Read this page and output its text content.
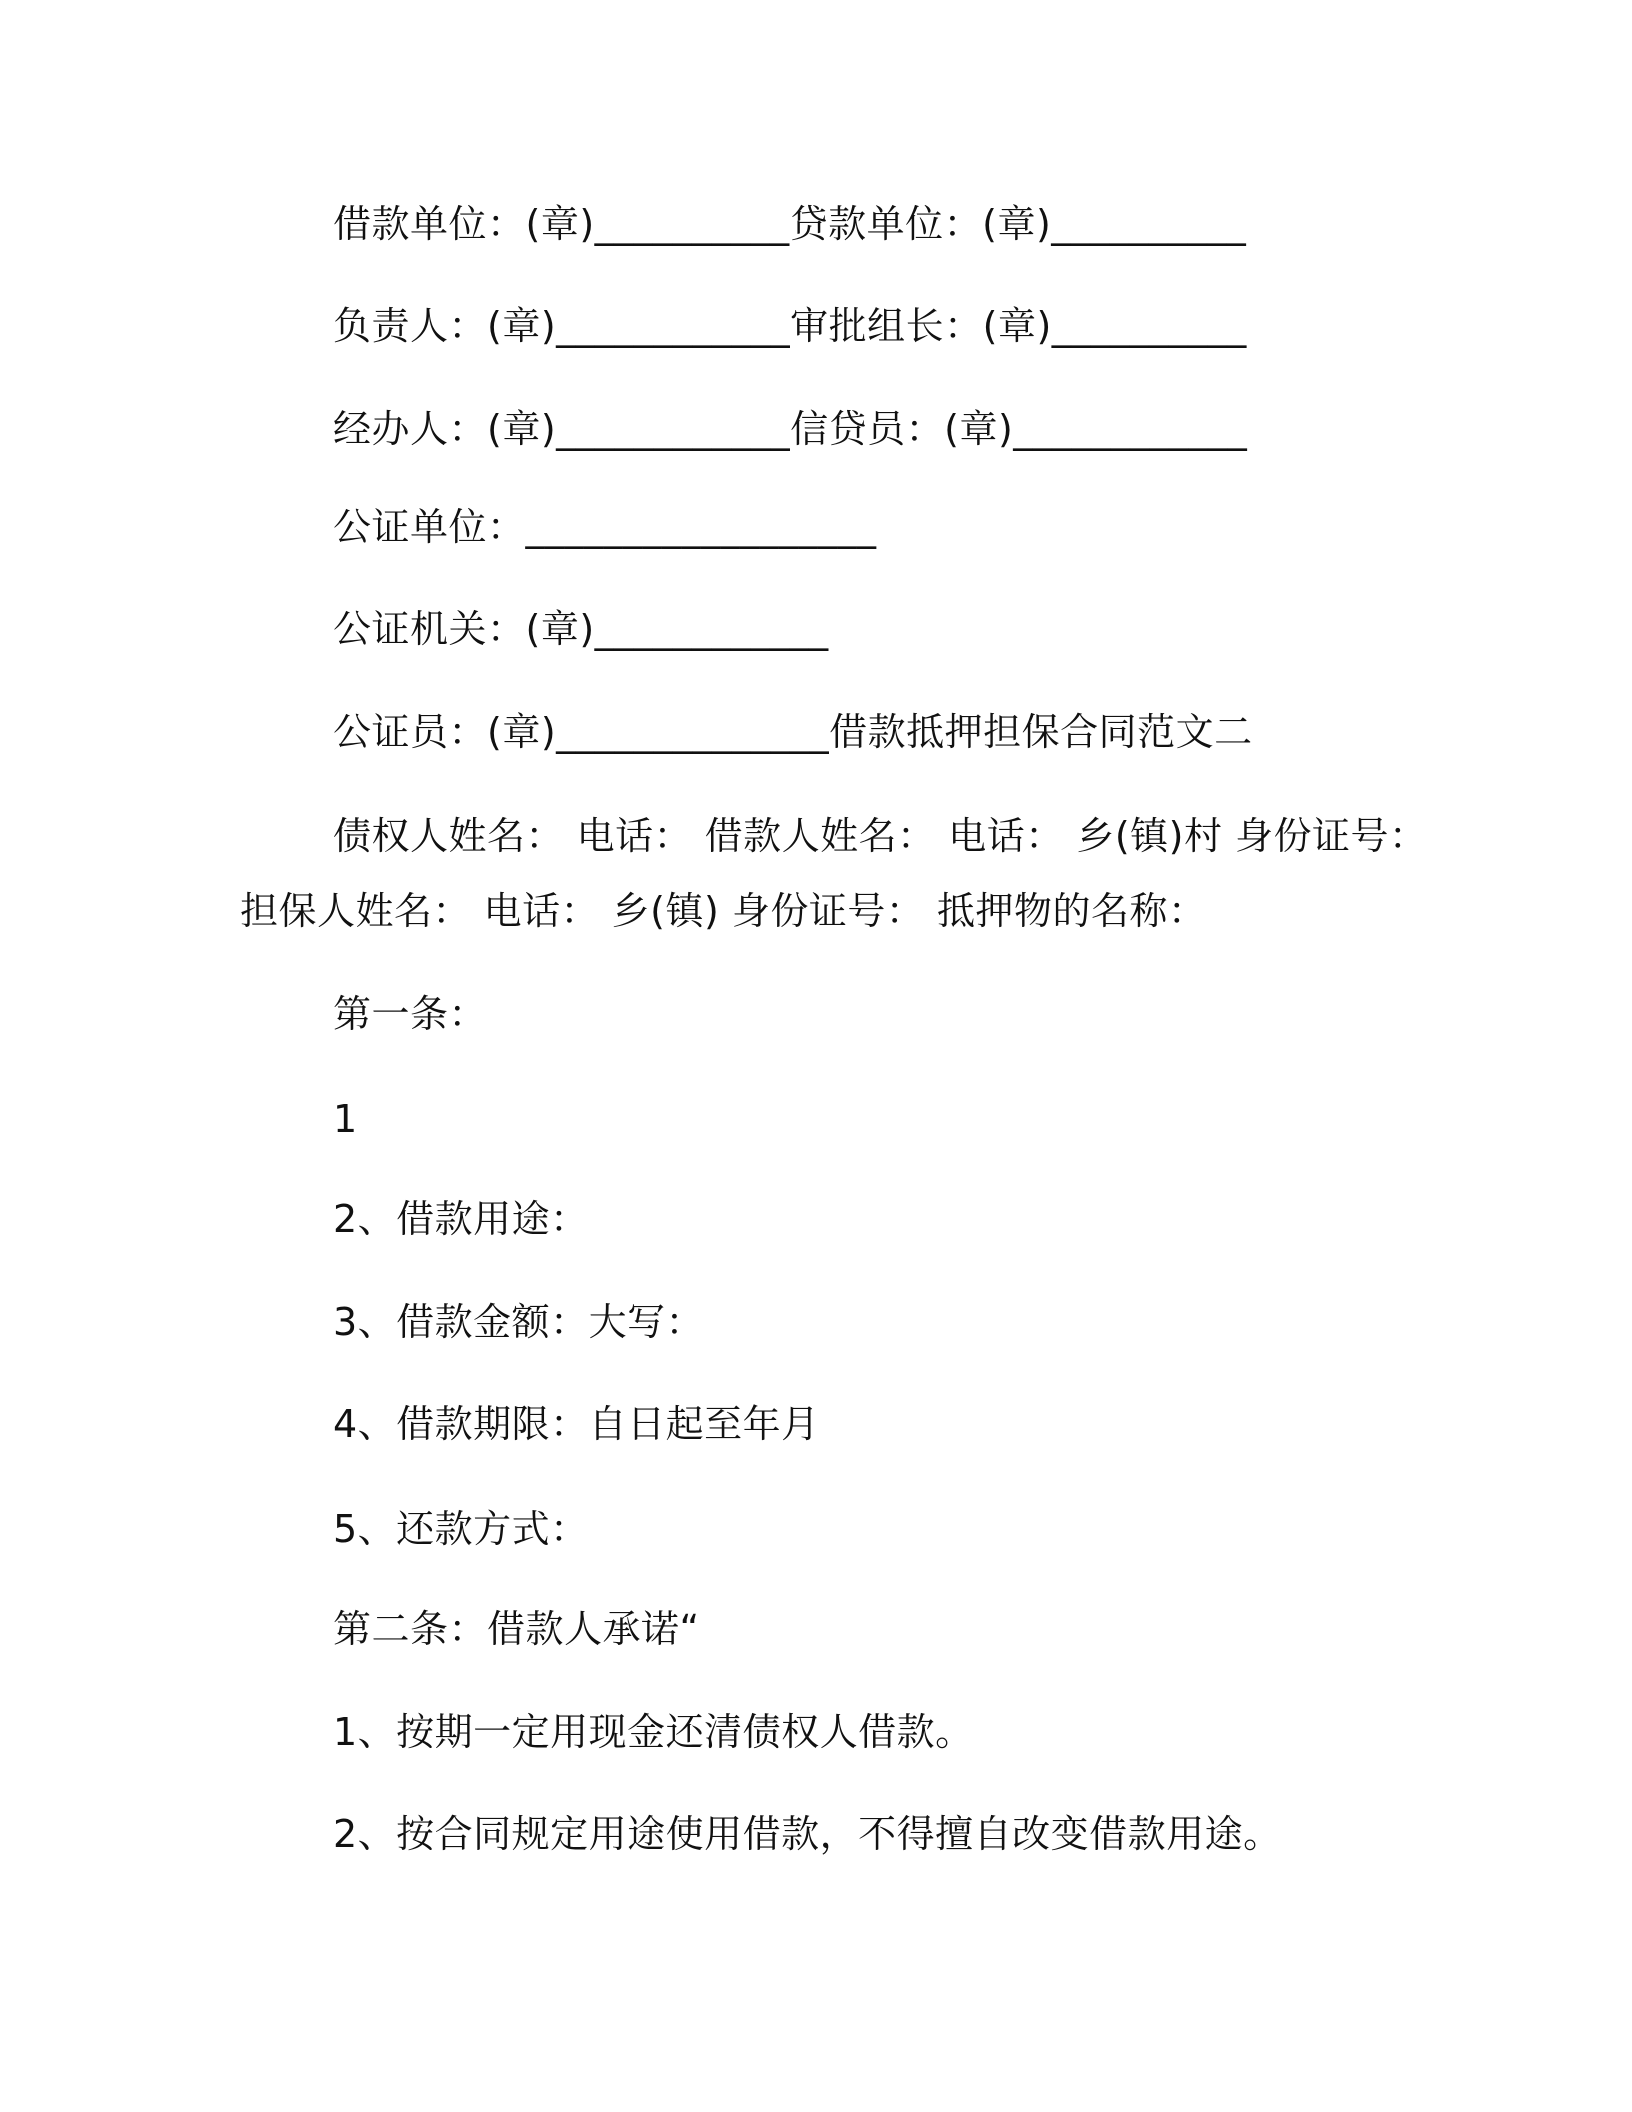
借款单位：(章)__________贷款单位：(章)__________
负责人：(章)____________审批组长：(章)__________
经办人：(章)____________信贷员：(章)____________
公证单位：__________________
公证机关：(章)____________
公证员：(章)______________借款抵押担保合同范文二
债权人姓名： 电话： 借款人姓名： 电话： 乡(镇)村 身份证号：
担保人姓名： 电话： 乡(镇) 身份证号： 抵押物的名称：
第一条：
1
2、借款用途：
3、借款金额：大写：
4、借款期限：自日起至年月
5、还款方式：
第二条：借款人承诺“
1、按期一定用现金还清债权人借款。
2、按合同规定用途使用借款，不得擅自改变借款用途。
